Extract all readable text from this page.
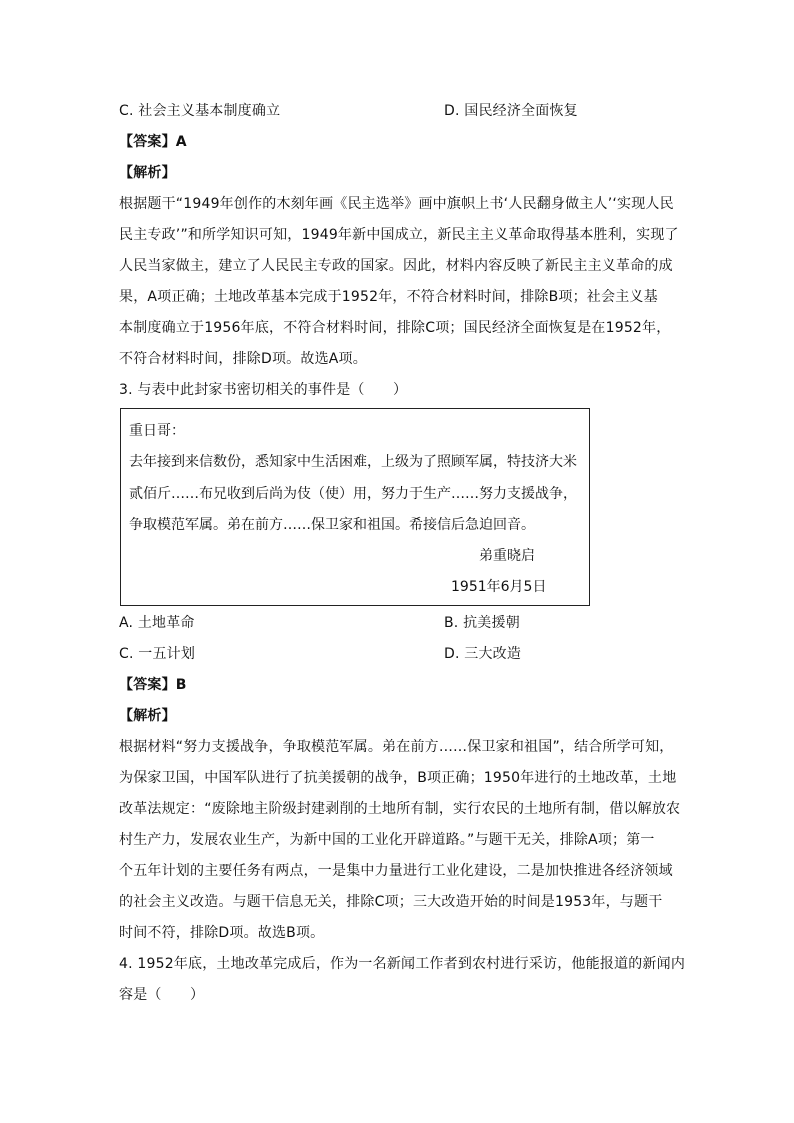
C. 社会主义基本制度确立	D. 国民经济全面恢复
【答案】A
【解析】
根据题干“1949年创作的木刻年画《民主选举》画中旗帜上书‘人民翻身做主人’‘实现人民
民主专政’”和所学知识可知，1949年新中国成立，新民主主义革命取得基本胜利，实现了
人民当家做主，建立了人民民主专政的国家。因此，材料内容反映了新民主主义革命的成
果，A项正确；土地改革基本完成于1952年，不符合材料时间，排除B项；社会主义基
本制度确立于1956年底，不符合材料时间，排除C项；国民经济全面恢复是在1952年，
不符合材料时间，排除D项。故选A项。
3. 与表中此封家书密切相关的事件是（　　）
重日哥：
去年接到来信数份，悉知家中生活困难，上级为了照顾军属，特技济大米
贰佰斤……布兄收到后尚为伎（使）用，努力于生产……努力支援战争，
争取模范军属。弟在前方……保卫家和祖国。希接信后急迫回音。
弟重晓启
1951年6月5日
A. 土地革命	B. 抗美援朝
C. 一五计划	D. 三大改造
【答案】B
【解析】
根据材料“努力支援战争，争取模范军属。弟在前方……保卫家和祖国”，结合所学可知，
为保家卫国，中国军队进行了抗美援朝的战争，B项正确；1950年进行的土地改革，土地
改革法规定：“废除地主阶级封建剥削的土地所有制，实行农民的土地所有制，借以解放农
村生产力，发展农业生产，为新中国的工业化开辟道路。”与题干无关，排除A项；第一
个五年计划的主要任务有两点，一是集中力量进行工业化建设，二是加快推进各经济领域
的社会主义改造。与题干信息无关，排除C项；三大改造开始的时间是1953年，与题干
时间不符，排除D项。故选B项。
4. 1952年底，土地改革完成后，作为一名新闻工作者到农村进行采访，他能报道的新闻内
容是（　　）
